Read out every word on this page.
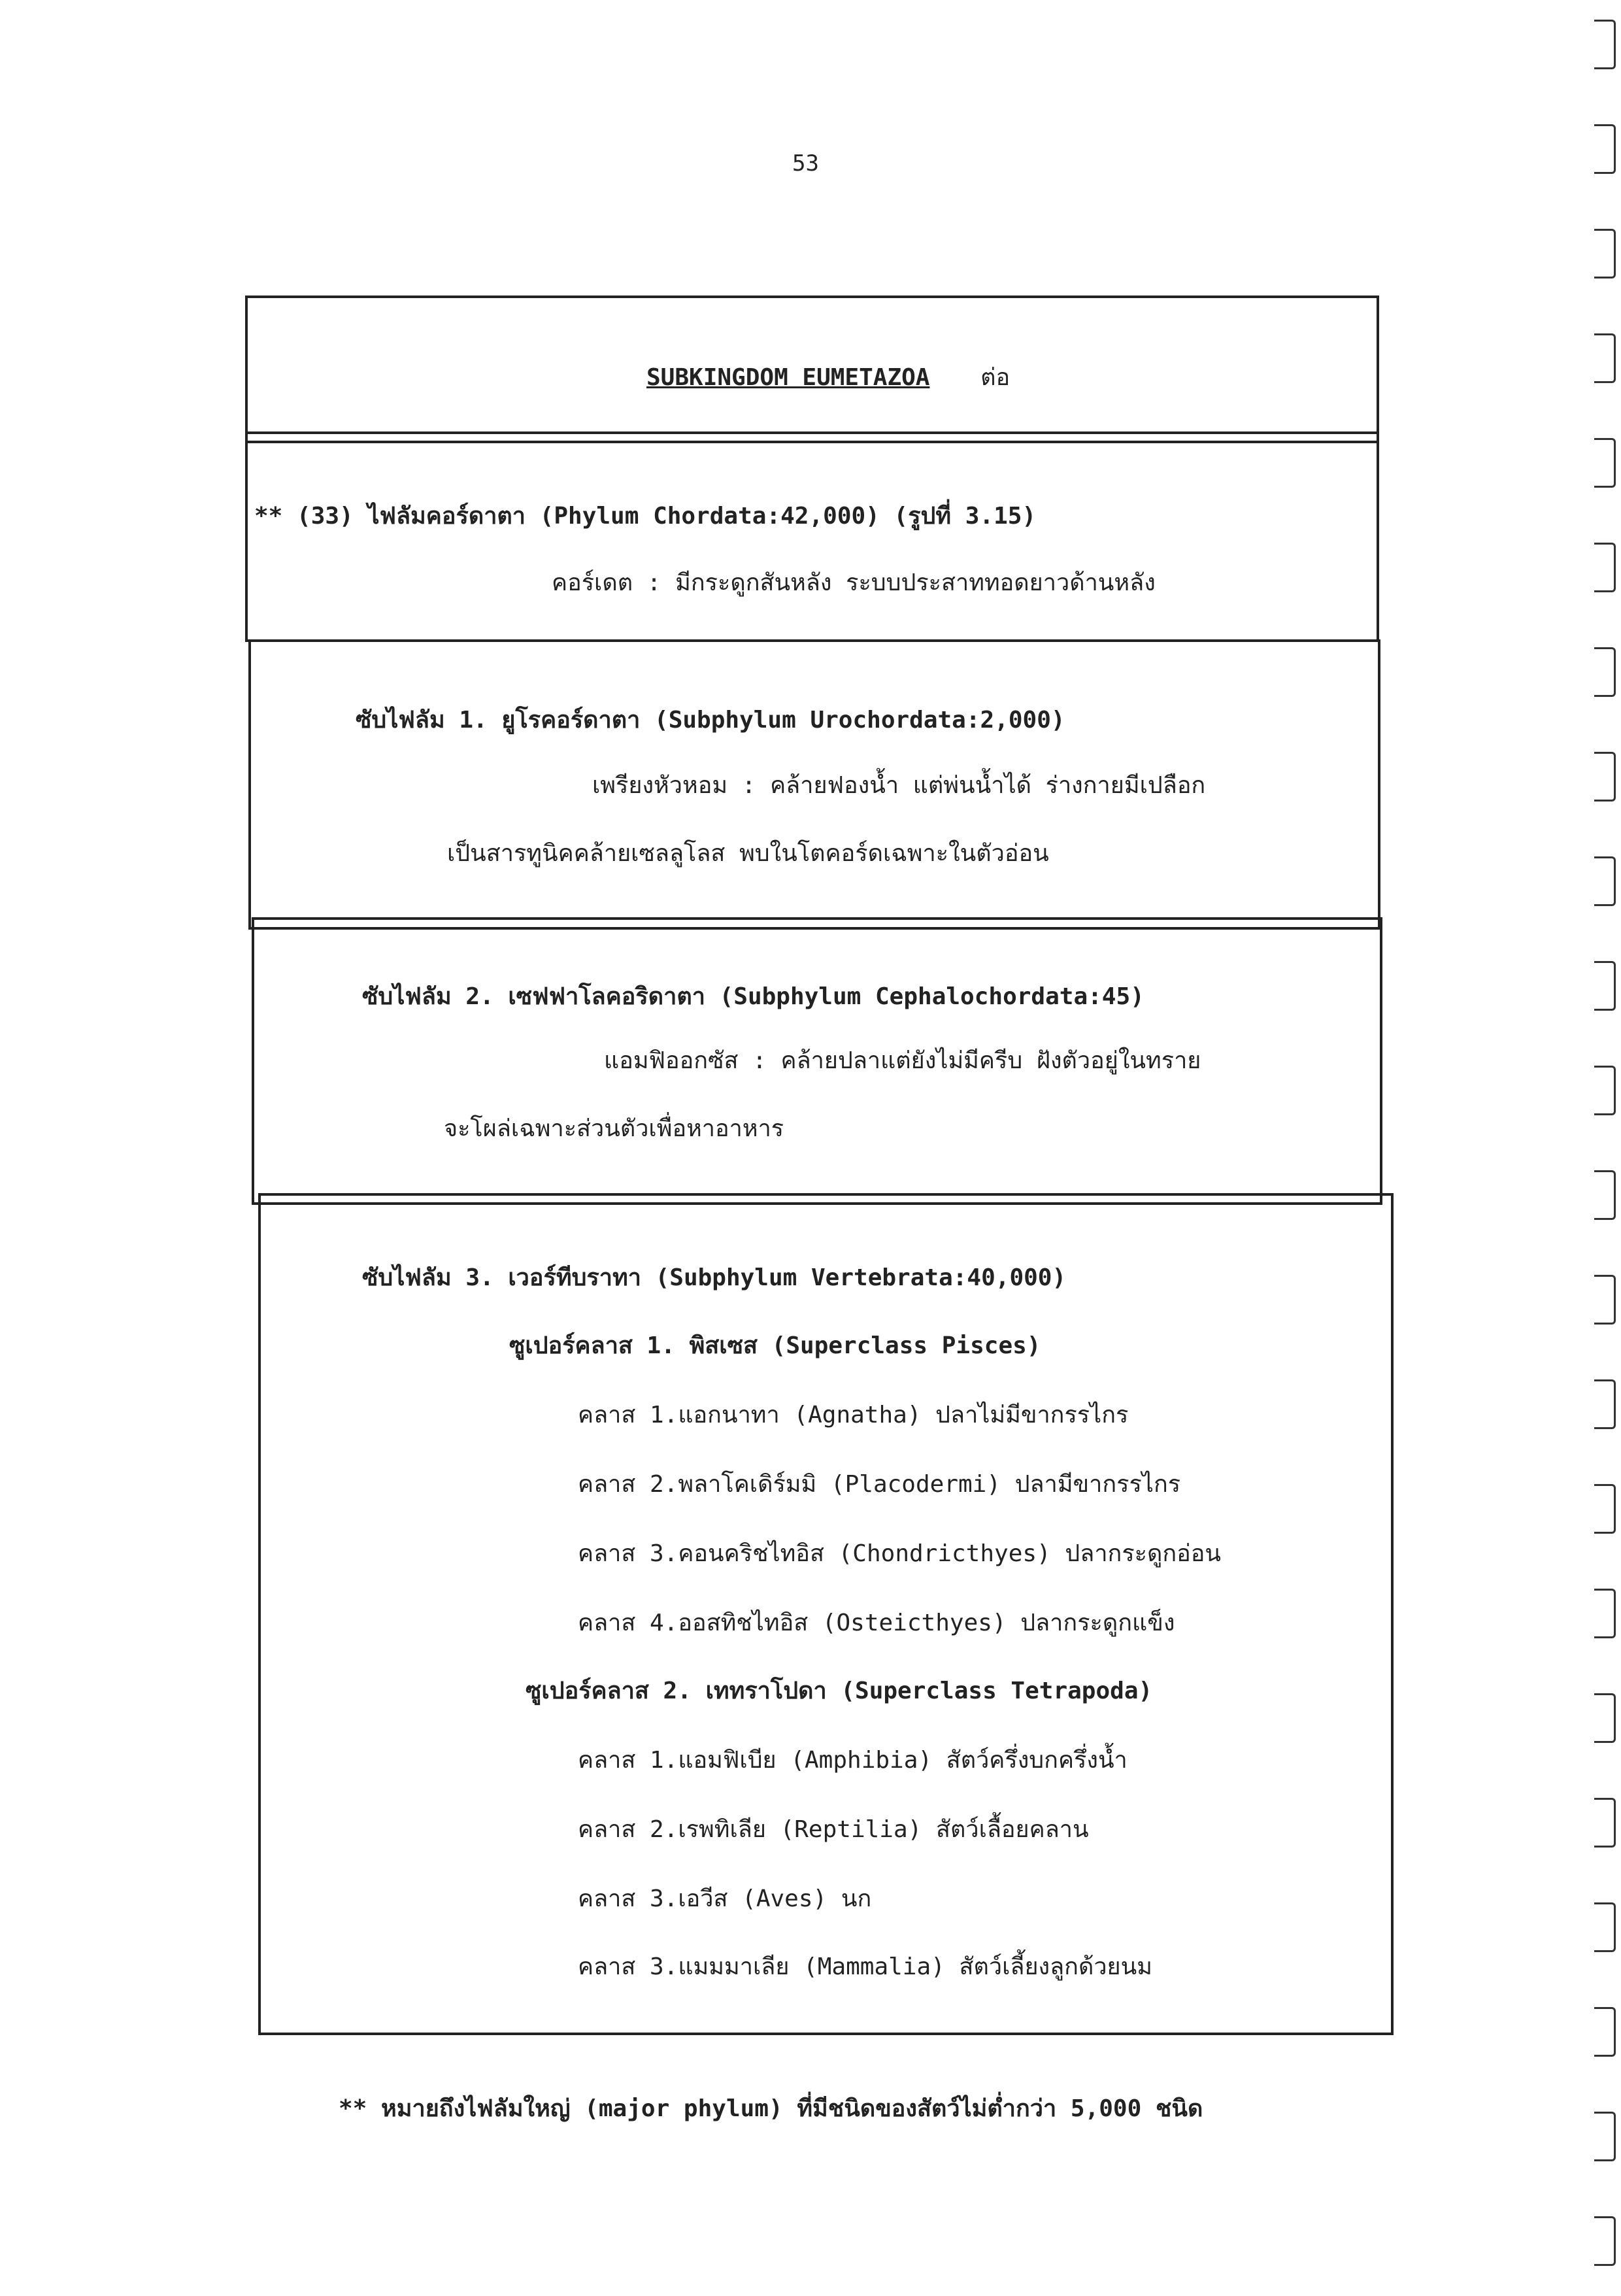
53
SUBKINGDOM EUMETAZOA ต่อ
** (33) ไฟลัมคอร์ดาตา (Phylum Chordata:42,000) (รูปที่ 3.15)
คอร์เดต : มีกระดูกสันหลัง ระบบประสาททอดยาวด้านหลัง
ซับไฟลัม 1. ยูโรคอร์ดาตา (Subphylum Urochordata:2,000)
เพรียงหัวหอม : คล้ายฟองน้ำ แต่พ่นน้ำได้ ร่างกายมีเปลือก
เป็นสารทูนิคคล้ายเซลลูโลส พบในโตคอร์ดเฉพาะในตัวอ่อน
ซับไฟลัม 2. เซฟฟาโลคอริดาตา (Subphylum Cephalochordata:45)
แอมฟิออกซัส : คล้ายปลาแต่ยังไม่มีครีบ ฝังตัวอยู่ในทราย
จะโผล่เฉพาะส่วนตัวเพื่อหาอาหาร
ซับไฟลัม 3. เวอร์ทีบราทา (Subphylum Vertebrata:40,000)
ซูเปอร์คลาส 1. พิสเซส (Superclass Pisces)
คลาส 1.แอกนาทา (Agnatha) ปลาไม่มีขากรรไกร
คลาส 2.พลาโคเดิร์มมิ (Placodermi) ปลามีขากรรไกร
คลาส 3.คอนคริชไทอิส (Chondricthyes) ปลากระดูกอ่อน
คลาส 4.ออสทิชไทอิส (Osteicthyes) ปลากระดูกแข็ง
ซูเปอร์คลาส 2. เททราโปดา (Superclass Tetrapoda)
คลาส 1.แอมฟิเบีย (Amphibia) สัตว์ครึ่งบกครึ่งน้ำ
คลาส 2.เรพทิเลีย (Reptilia) สัตว์เลื้อยคลาน
คลาส 3.เอวีส (Aves) นก
คลาส 3.แมมมาเลีย (Mammalia) สัตว์เลี้ยงลูกด้วยนม
** หมายถึงไฟลัมใหญ่ (major phylum) ที่มีชนิดของสัตว์ไม่ต่ำกว่า 5,000 ชนิด
